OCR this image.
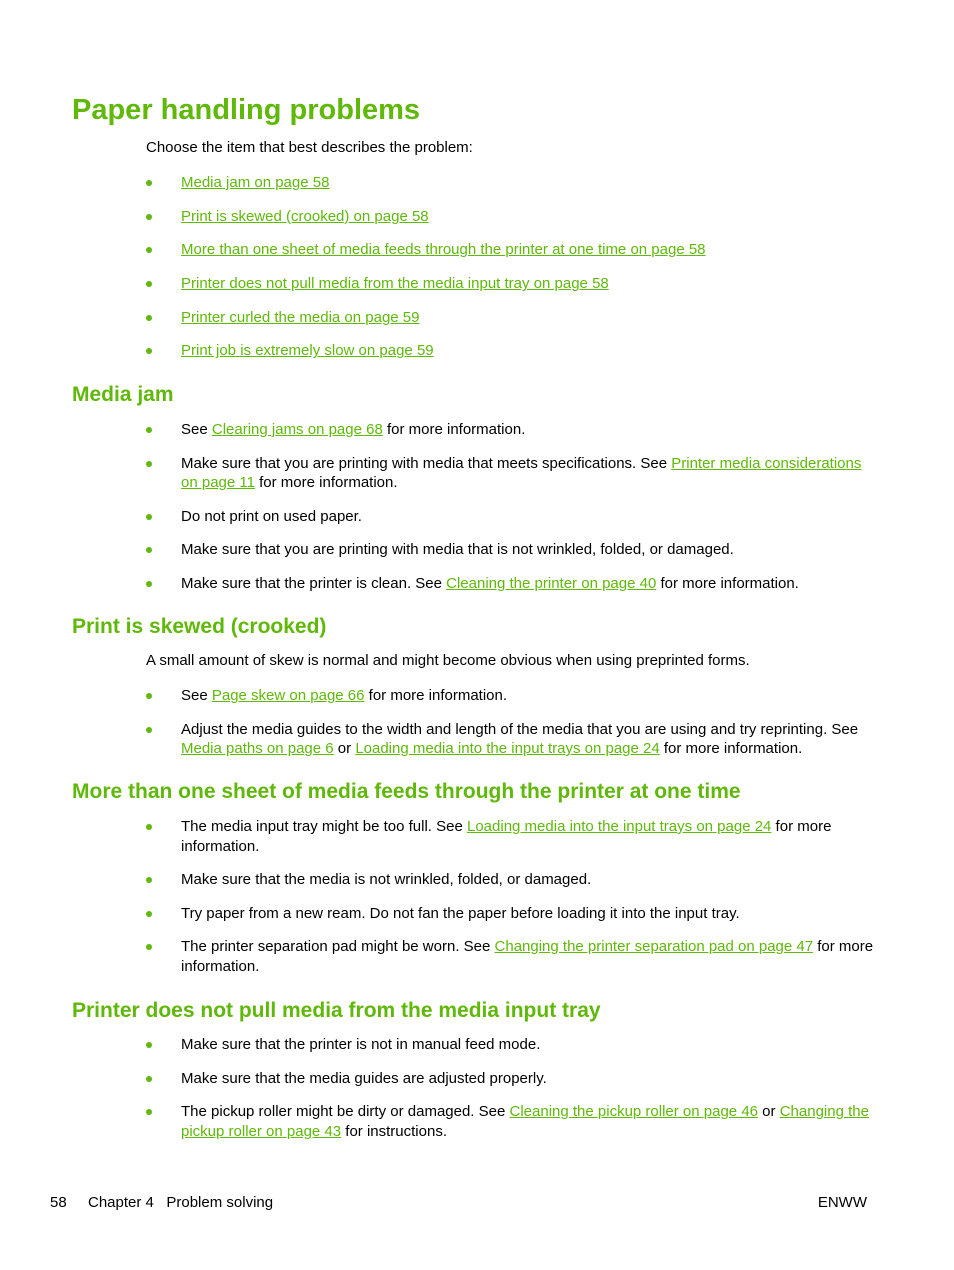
Paper handling problems

Choose the item that best describes the problem:

Media jam on page 58
Print is skewed (crooked) on page 58
More than one sheet of media feeds through the printer at one time on page 58
Printer does not pull media from the media input tray on page 58
Printer curled the media on page 59
Print job is extremely slow on page 59
Media jam
See Clearing jams on page 68 for more information.
Make sure that you are printing with media that meets specifications. See Printer media considerations on page 11 for more information.
Do not print on used paper.
Make sure that you are printing with media that is not wrinkled, folded, or damaged.
Make sure that the printer is clean. See Cleaning the printer on page 40 for more information.
Print is skewed (crooked)

A small amount of skew is normal and might become obvious when using preprinted forms.

See Page skew on page 66 for more information.
Adjust the media guides to the width and length of the media that you are using and try reprinting. See Media paths on page 6 or Loading media into the input trays on page 24 for more information.
More than one sheet of media feeds through the printer at one time
The media input tray might be too full. See Loading media into the input trays on page 24 for more information.
Make sure that the media is not wrinkled, folded, or damaged.
Try paper from a new ream. Do not fan the paper before loading it into the input tray.
The printer separation pad might be worn. See Changing the printer separation pad on page 47 for more information.
Printer does not pull media from the media input tray
Make sure that the printer is not in manual feed mode.
Make sure that the media guides are adjusted properly.
The pickup roller might be dirty or damaged. See Cleaning the pickup roller on page 46 or Changing the pickup roller on page 43 for instructions.

58 Chapter 4   Problem solving	ENWW
